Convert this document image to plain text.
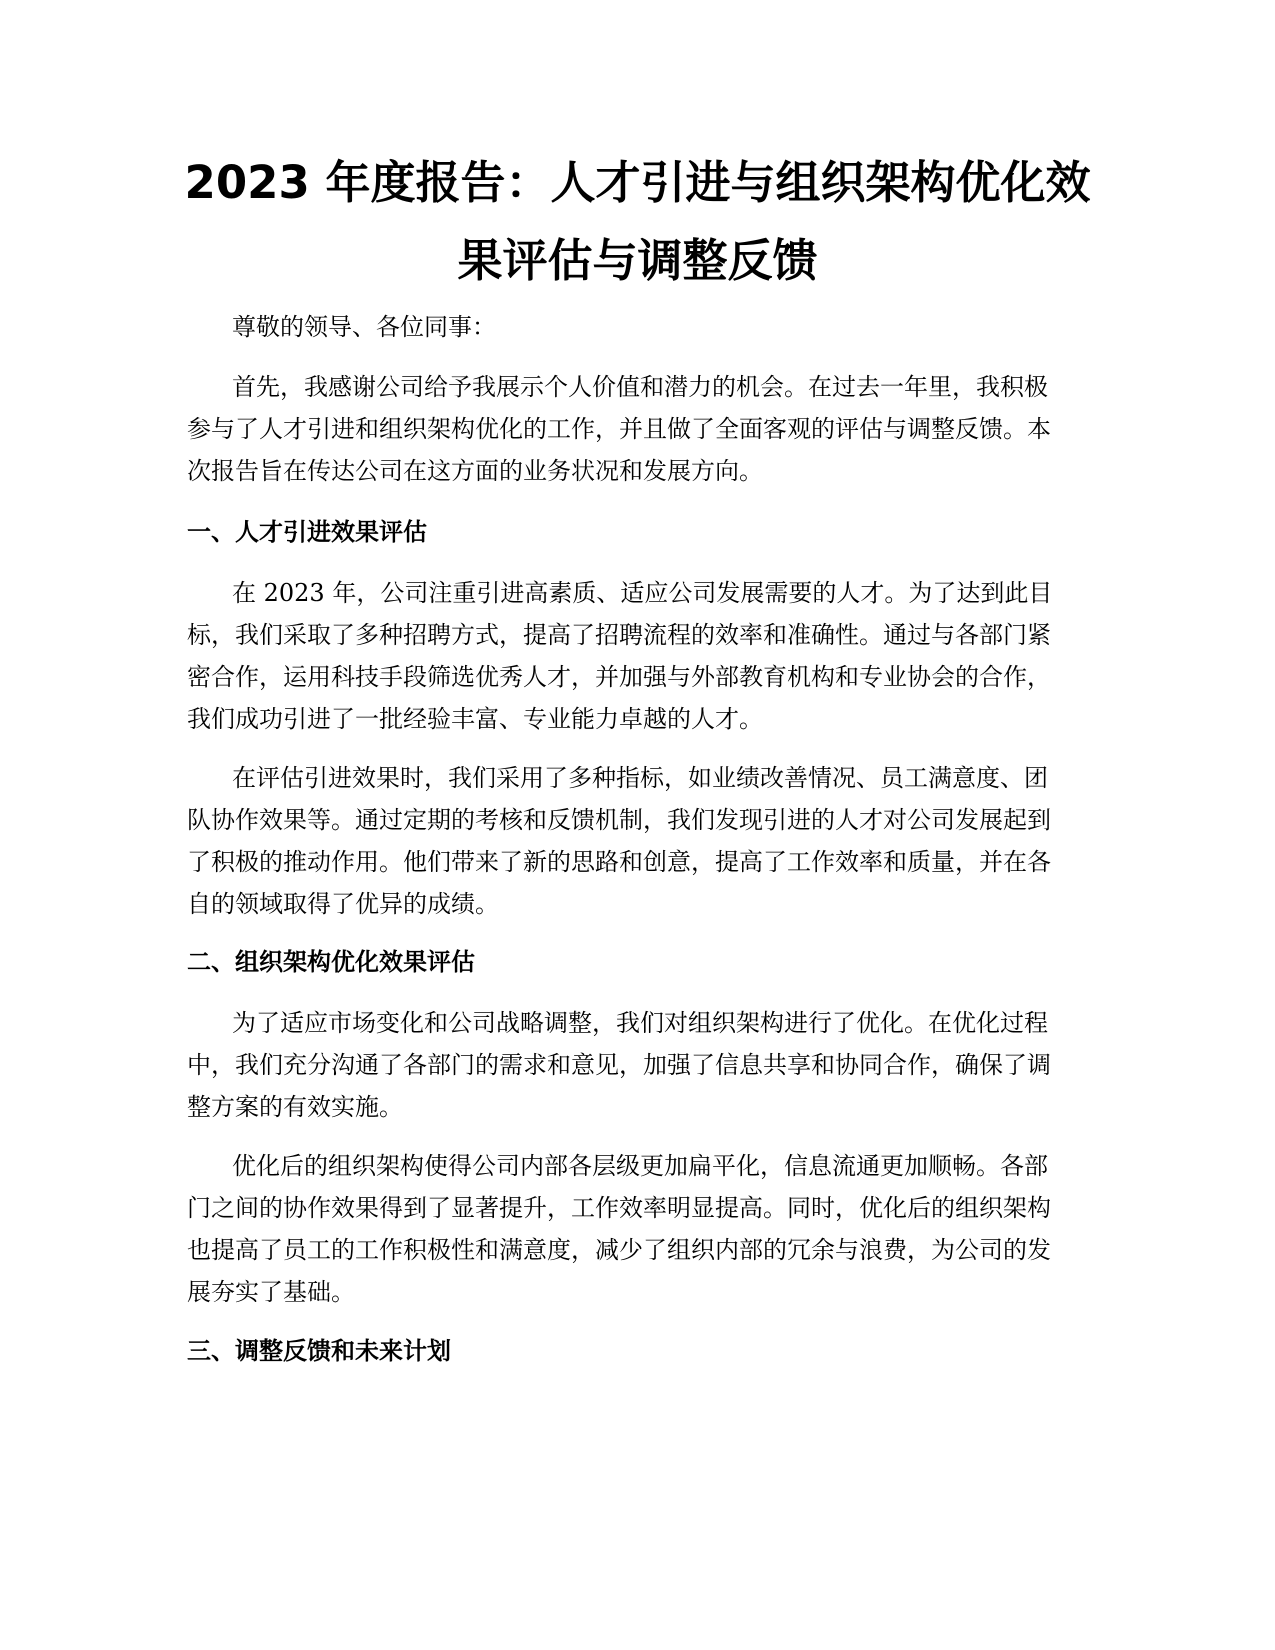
2023 年度报告：人才引进与组织架构优化效
果评估与调整反馈
尊敬的领导、各位同事：
首先，我感谢公司给予我展示个人价值和潜力的机会。在过去一年里，我积极
参与了人才引进和组织架构优化的工作，并且做了全面客观的评估与调整反馈。本
次报告旨在传达公司在这方面的业务状况和发展方向。
一、人才引进效果评估
在 2023 年，公司注重引进高素质、适应公司发展需要的人才。为了达到此目
标，我们采取了多种招聘方式，提高了招聘流程的效率和准确性。通过与各部门紧
密合作，运用科技手段筛选优秀人才，并加强与外部教育机构和专业协会的合作，
我们成功引进了一批经验丰富、专业能力卓越的人才。
在评估引进效果时，我们采用了多种指标，如业绩改善情况、员工满意度、团
队协作效果等。通过定期的考核和反馈机制，我们发现引进的人才对公司发展起到
了积极的推动作用。他们带来了新的思路和创意，提高了工作效率和质量，并在各
自的领域取得了优异的成绩。
二、组织架构优化效果评估
为了适应市场变化和公司战略调整，我们对组织架构进行了优化。在优化过程
中，我们充分沟通了各部门的需求和意见，加强了信息共享和协同合作，确保了调
整方案的有效实施。
优化后的组织架构使得公司内部各层级更加扁平化，信息流通更加顺畅。各部
门之间的协作效果得到了显著提升，工作效率明显提高。同时，优化后的组织架构
也提高了员工的工作积极性和满意度，减少了组织内部的冗余与浪费，为公司的发
展夯实了基础。
三、调整反馈和未来计划
